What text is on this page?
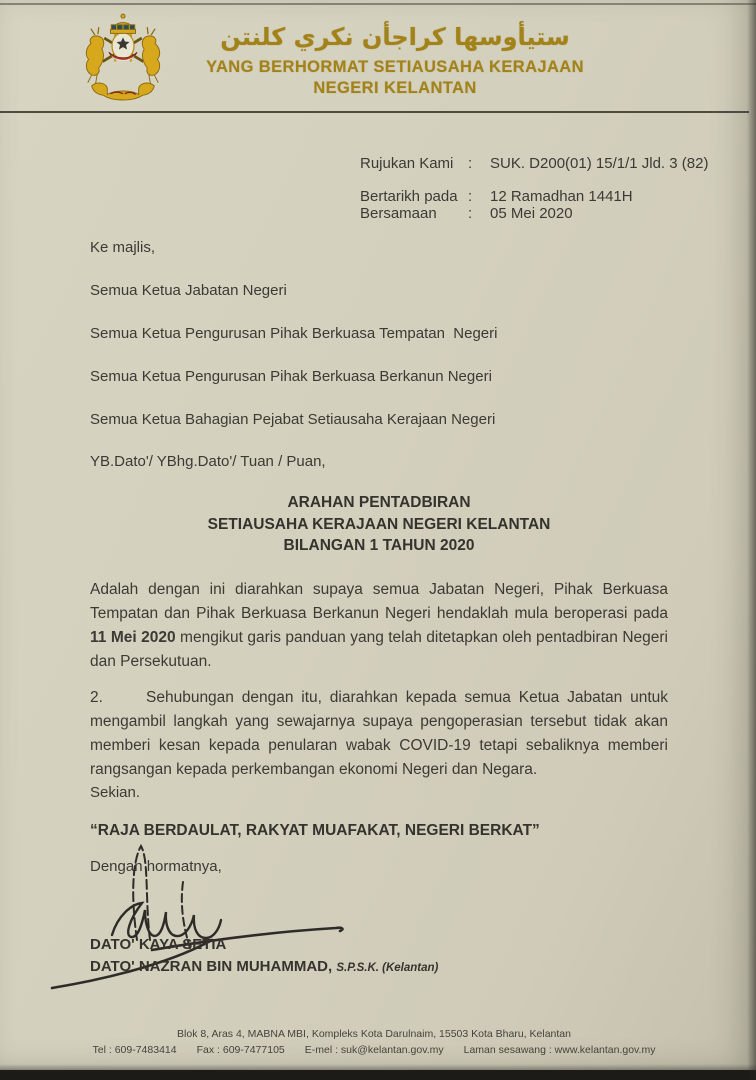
ستيأوسها كراجأن نكري كلنتن
YANG BERHORMAT SETIAUSAHA KERAJAAN
NEGERI KELANTAN
Rujukan Kami :	SUK. D200(01) 15/1/1 Jld. 3 (82)
Bertarikh pada :	12 Ramadhan 1441H
Bersamaan	:	05 Mei 2020
Ke majlis,
Semua Ketua Jabatan Negeri
Semua Ketua Pengurusan Pihak Berkuasa Tempatan  Negeri
Semua Ketua Pengurusan Pihak Berkuasa Berkanun Negeri
Semua Ketua Bahagian Pejabat Setiausaha Kerajaan Negeri
YB.Dato'/ YBhg.Dato'/ Tuan / Puan,
ARAHAN PENTADBIRAN
SETIAUSAHA KERAJAAN NEGERI KELANTAN
BILANGAN 1 TAHUN 2020

Adalah dengan ini diarahkan supaya semua Jabatan Negeri, Pihak Berkuasa Tempatan dan Pihak Berkuasa Berkanun Negeri hendaklah mula beroperasi pada 11 Mei 2020 mengikut garis panduan yang telah ditetapkan oleh pentadbiran Negeri dan Persekutuan.

2.	Sehubungan dengan itu, diarahkan kepada semua Ketua Jabatan untuk mengambil langkah yang sewajarnya supaya pengoperasian tersebut tidak akan memberi kesan kepada penularan wabak COVID-19 tetapi sebaliknya memberi rangsangan kepada perkembangan ekonomi Negeri dan Negara.

Sekian.
“RAJA BERDAULAT, RAKYAT MUAFAKAT, NEGERI BERKAT”
Dengan hormatnya,
DATO' KAYA SETIA
DATO' NAZRAN BIN MUHAMMAD, S.P.S.K. (Kelantan)
Blok 8, Aras 4, MABNA MBI, Kompleks Kota Darulnaim, 15503 Kota Bharu, Kelantan
Tel : 609-7483414 Fax : 609-7477105 E-mel : suk@kelantan.gov.my Laman sesawang : www.kelantan.gov.my
